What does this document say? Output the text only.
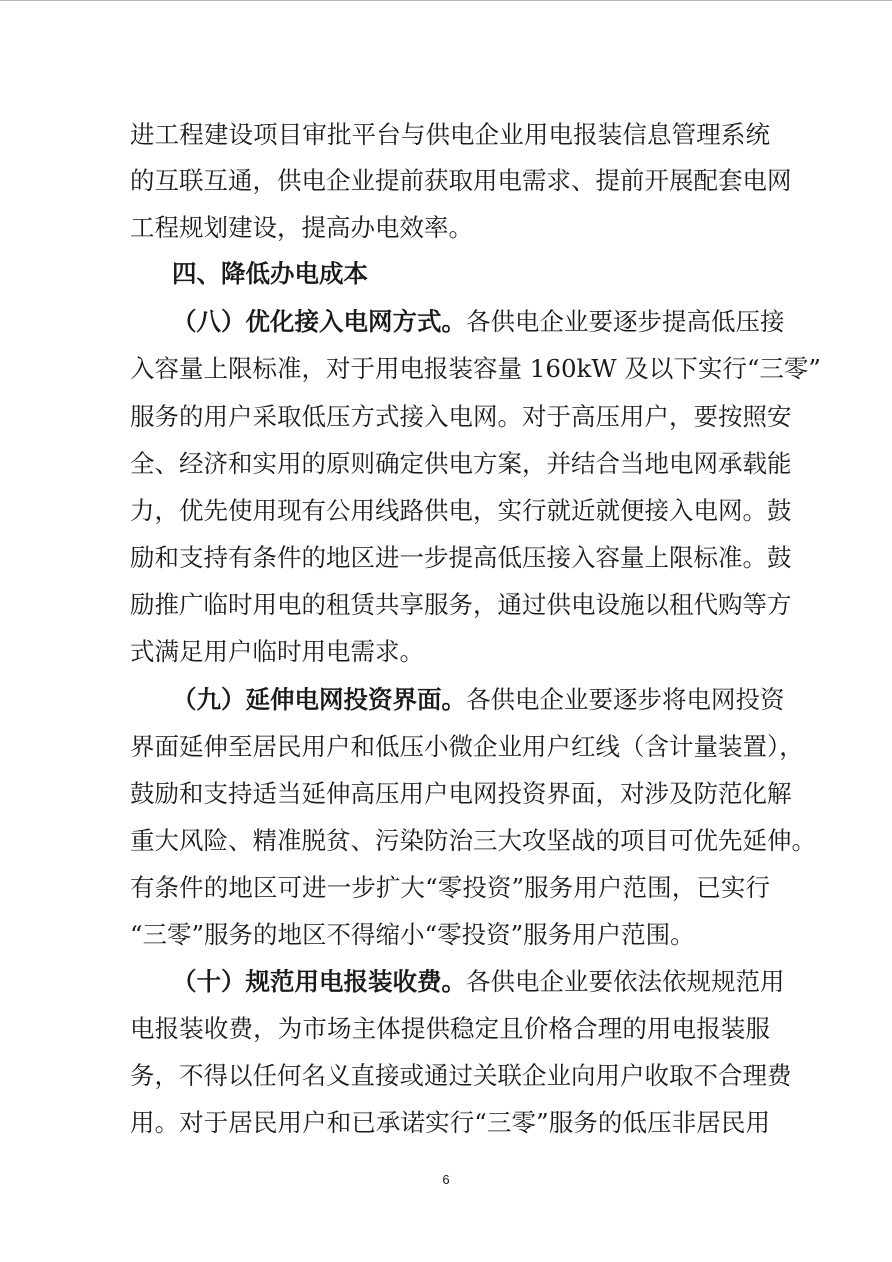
进工程建设项目审批平台与供电企业用电报装信息管理系统
的互联互通，供电企业提前获取用电需求、提前开展配套电网
工程规划建设，提高办电效率。
四、降低办电成本
（八）优化接入电网方式。各供电企业要逐步提高低压接
入容量上限标准，对于用电报装容量 160kW 及以下实行“三零”
服务的用户采取低压方式接入电网。对于高压用户，要按照安
全、经济和实用的原则确定供电方案，并结合当地电网承载能
力，优先使用现有公用线路供电，实行就近就便接入电网。鼓
励和支持有条件的地区进一步提高低压接入容量上限标准。鼓
励推广临时用电的租赁共享服务，通过供电设施以租代购等方
式满足用户临时用电需求。
（九）延伸电网投资界面。各供电企业要逐步将电网投资
界面延伸至居民用户和低压小微企业用户红线（含计量装置），
鼓励和支持适当延伸高压用户电网投资界面，对涉及防范化解
重大风险、精准脱贫、污染防治三大攻坚战的项目可优先延伸。
有条件的地区可进一步扩大“零投资”服务用户范围，已实行
“三零”服务的地区不得缩小“零投资”服务用户范围。
（十）规范用电报装收费。各供电企业要依法依规规范用
电报装收费，为市场主体提供稳定且价格合理的用电报装服
务，不得以任何名义直接或通过关联企业向用户收取不合理费
用。对于居民用户和已承诺实行“三零”服务的低压非居民用
6
